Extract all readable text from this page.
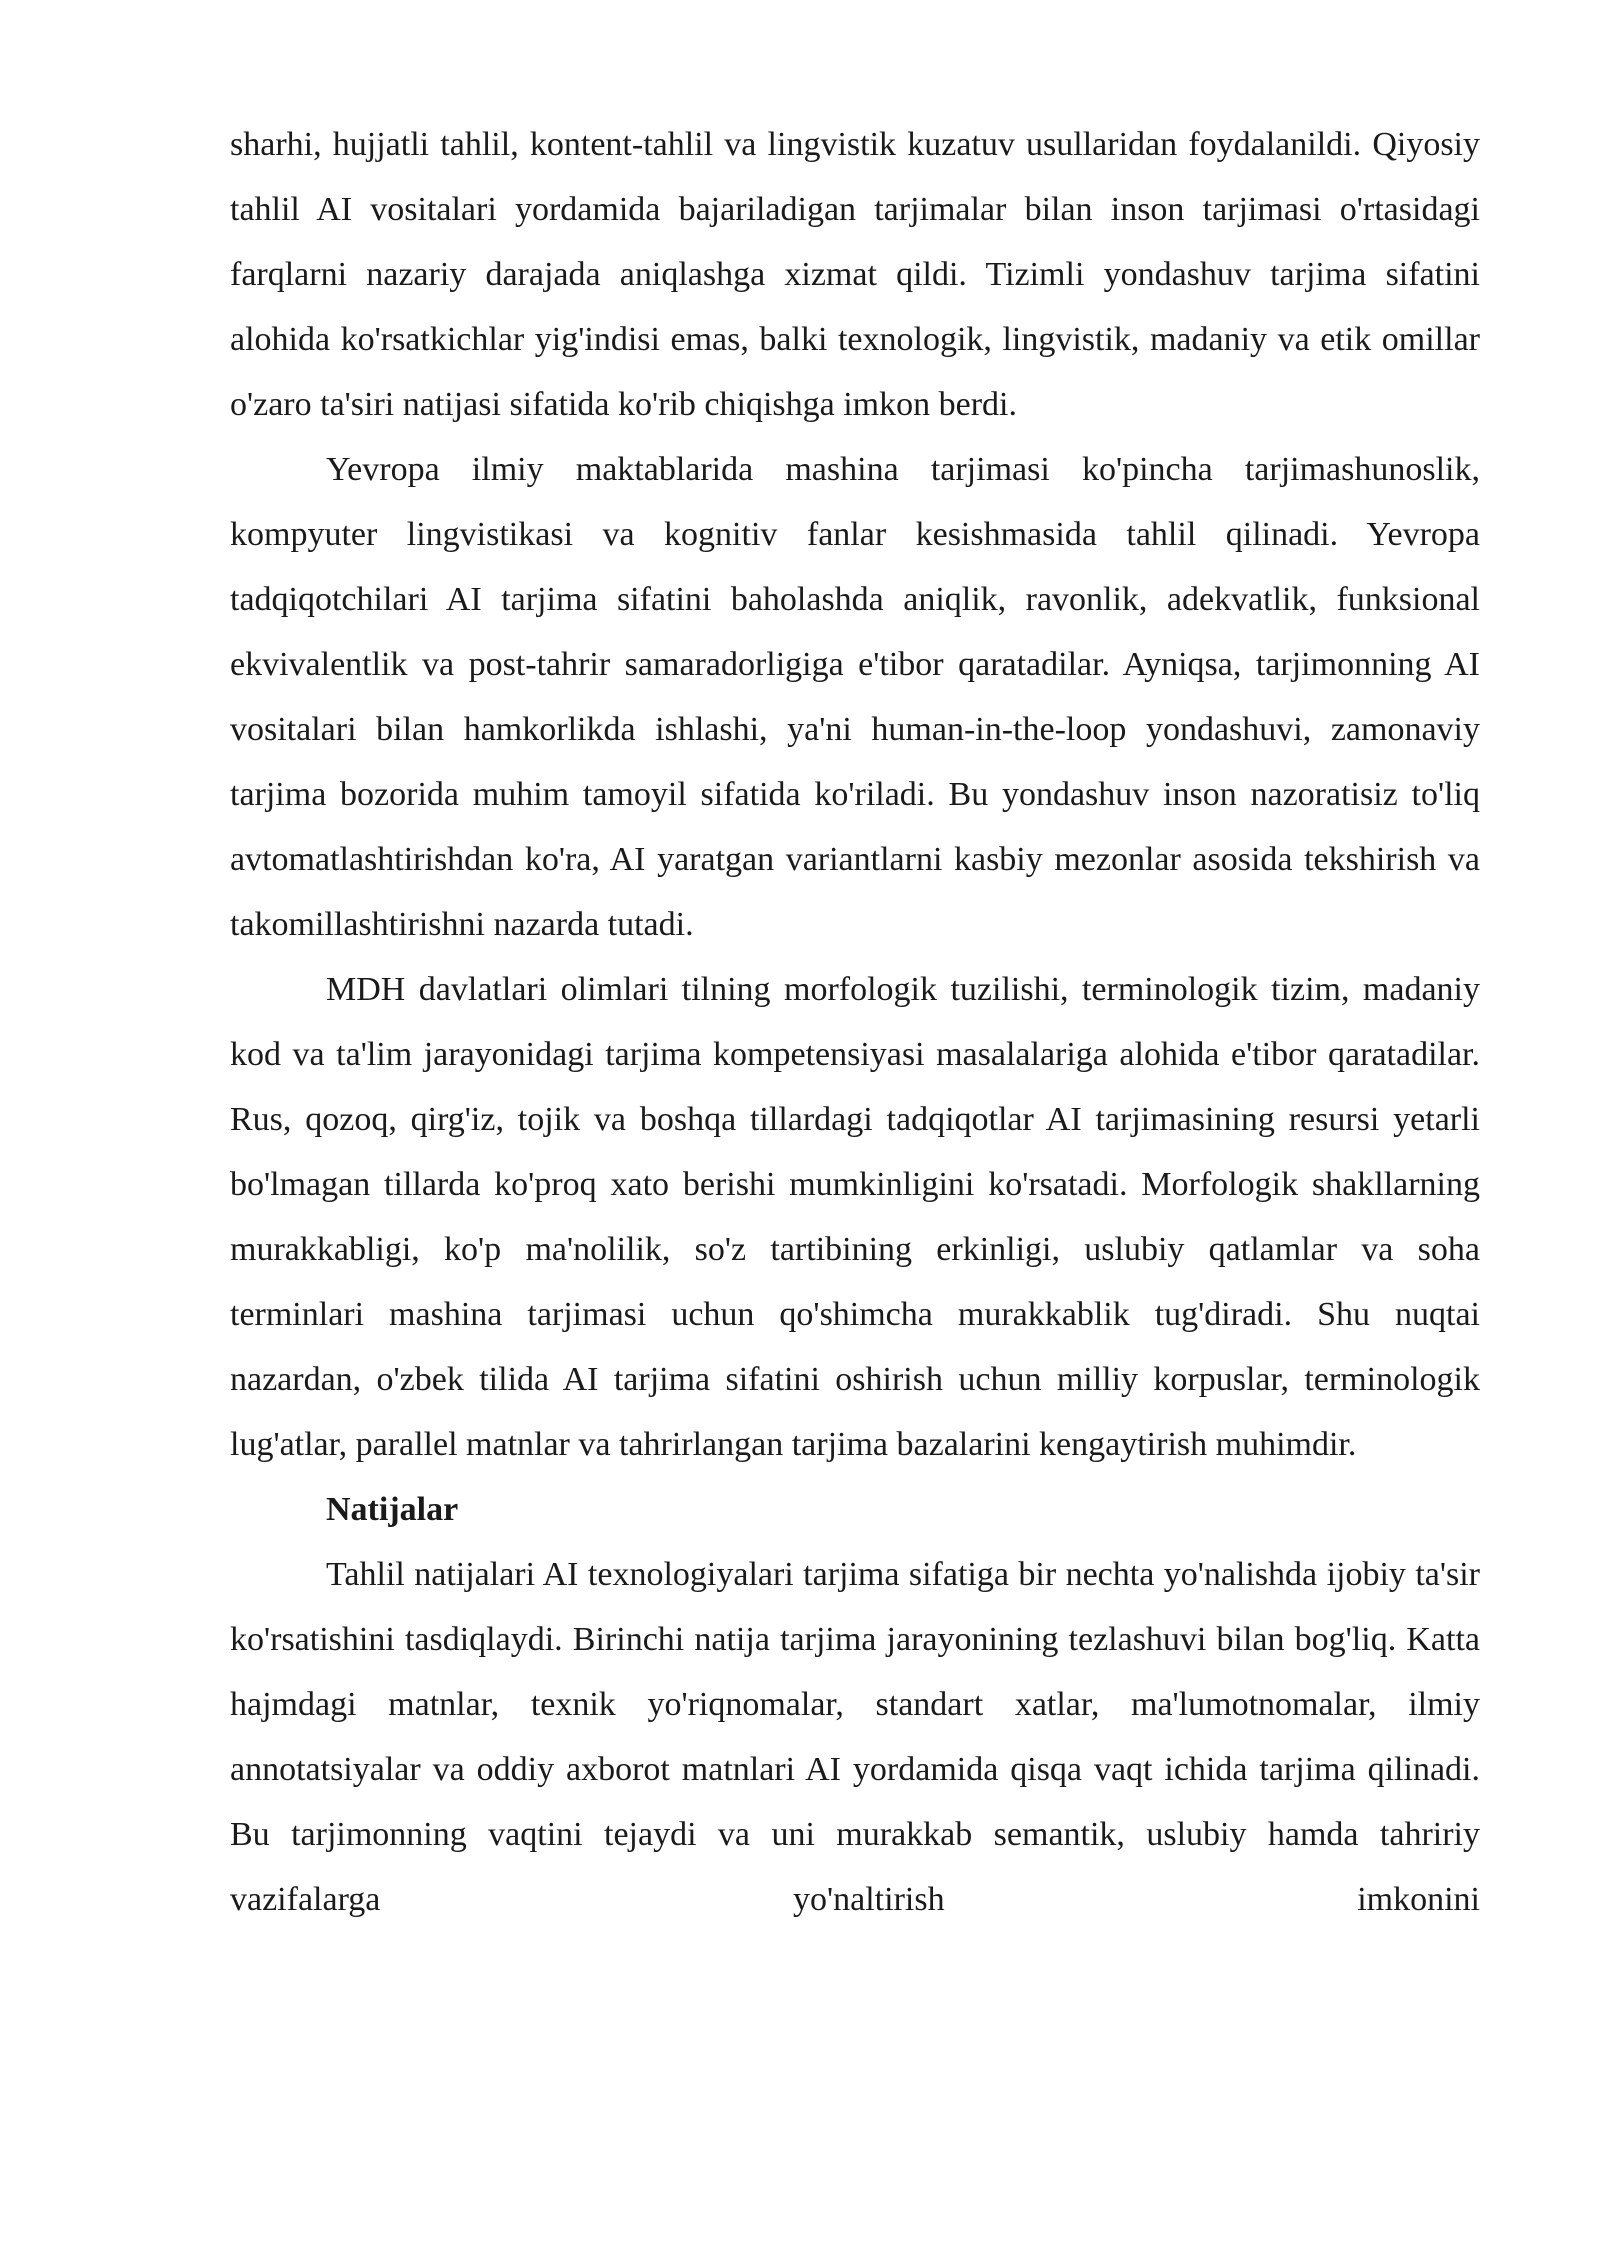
sharhi, hujjatli tahlil, kontent-tahlil va lingvistik kuzatuv usullaridan foydalanildi. Qiyosiy tahlil AI vositalari yordamida bajariladigan tarjimalar bilan inson tarjimasi o'rtasidagi farqlarni nazariy darajada aniqlashga xizmat qildi. Tizimli yondashuv tarjima sifatini alohida ko'rsatkichlar yig'indisi emas, balki texnologik, lingvistik, madaniy va etik omillar o'zaro ta'siri natijasi sifatida ko'rib chiqishga imkon berdi.

Yevropa ilmiy maktablarida mashina tarjimasi ko'pincha tarjimashunoslik, kompyuter lingvistikasi va kognitiv fanlar kesishmasida tahlil qilinadi. Yevropa tadqiqotchilari AI tarjima sifatini baholashda aniqlik, ravonlik, adekvatlik, funksional ekvivalentlik va post-tahrir samaradorligiga e'tibor qaratadilar. Ayniqsa, tarjimonning AI vositalari bilan hamkorlikda ishlashi, ya'ni human-in-the-loop yondashuvi, zamonaviy tarjima bozorida muhim tamoyil sifatida ko'riladi. Bu yondashuv inson nazoratisiz to'liq avtomatlashtirishdan ko'ra, AI yaratgan variantlarni kasbiy mezonlar asosida tekshirish va takomillashtirishni nazarda tutadi.

MDH davlatlari olimlari tilning morfologik tuzilishi, terminologik tizim, madaniy kod va ta'lim jarayonidagi tarjima kompetensiyasi masalalariga alohida e'tibor qaratadilar. Rus, qozoq, qirg'iz, tojik va boshqa tillardagi tadqiqotlar AI tarjimasining resursi yetarli bo'lmagan tillarda ko'proq xato berishi mumkinligini ko'rsatadi. Morfologik shakllarning murakkabligi, ko'p ma'nolilik, so'z tartibining erkinligi, uslubiy qatlamlar va soha terminlari mashina tarjimasi uchun qo'shimcha murakkablik tug'diradi. Shu nuqtai nazardan, o'zbek tilida AI tarjima sifatini oshirish uchun milliy korpuslar, terminologik lug'atlar, parallel matnlar va tahrirlangan tarjima bazalarini kengaytirish muhimdir.

Natijalar

Tahlil natijalari AI texnologiyalari tarjima sifatiga bir nechta yo'nalishda ijobiy ta'sir ko'rsatishini tasdiqlaydi. Birinchi natija tarjima jarayonining tezlashuvi bilan bog'liq. Katta hajmdagi matnlar, texnik yo'riqnomalar, standart xatlar, ma'lumotnomalar, ilmiy annotatsiyalar va oddiy axborot matnlari AI yordamida qisqa vaqt ichida tarjima qilinadi. Bu tarjimonning vaqtini tejaydi va uni murakkab semantik, uslubiy hamda tahririy vazifalarga yo'naltirish imkonini
